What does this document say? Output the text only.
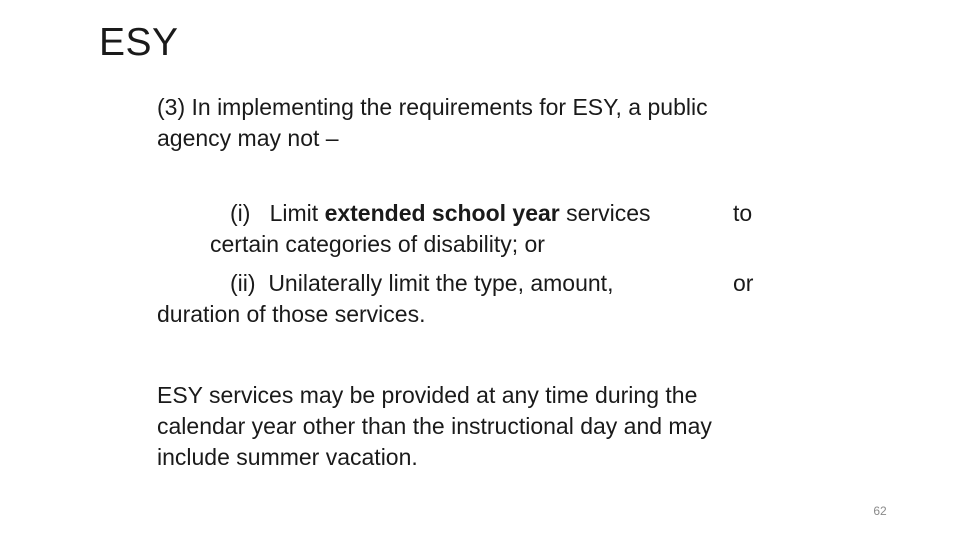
ESY

(3) In implementing the requirements for ESY, a public
agency may not –

(i)   Limit extended school year services
certain categories of disability; or

to

(ii)  Unilaterally limit the type, amount,
duration of those services.

or

ESY services may be provided at any time during the
calendar year other than the instructional day and may
include summer vacation.

62
